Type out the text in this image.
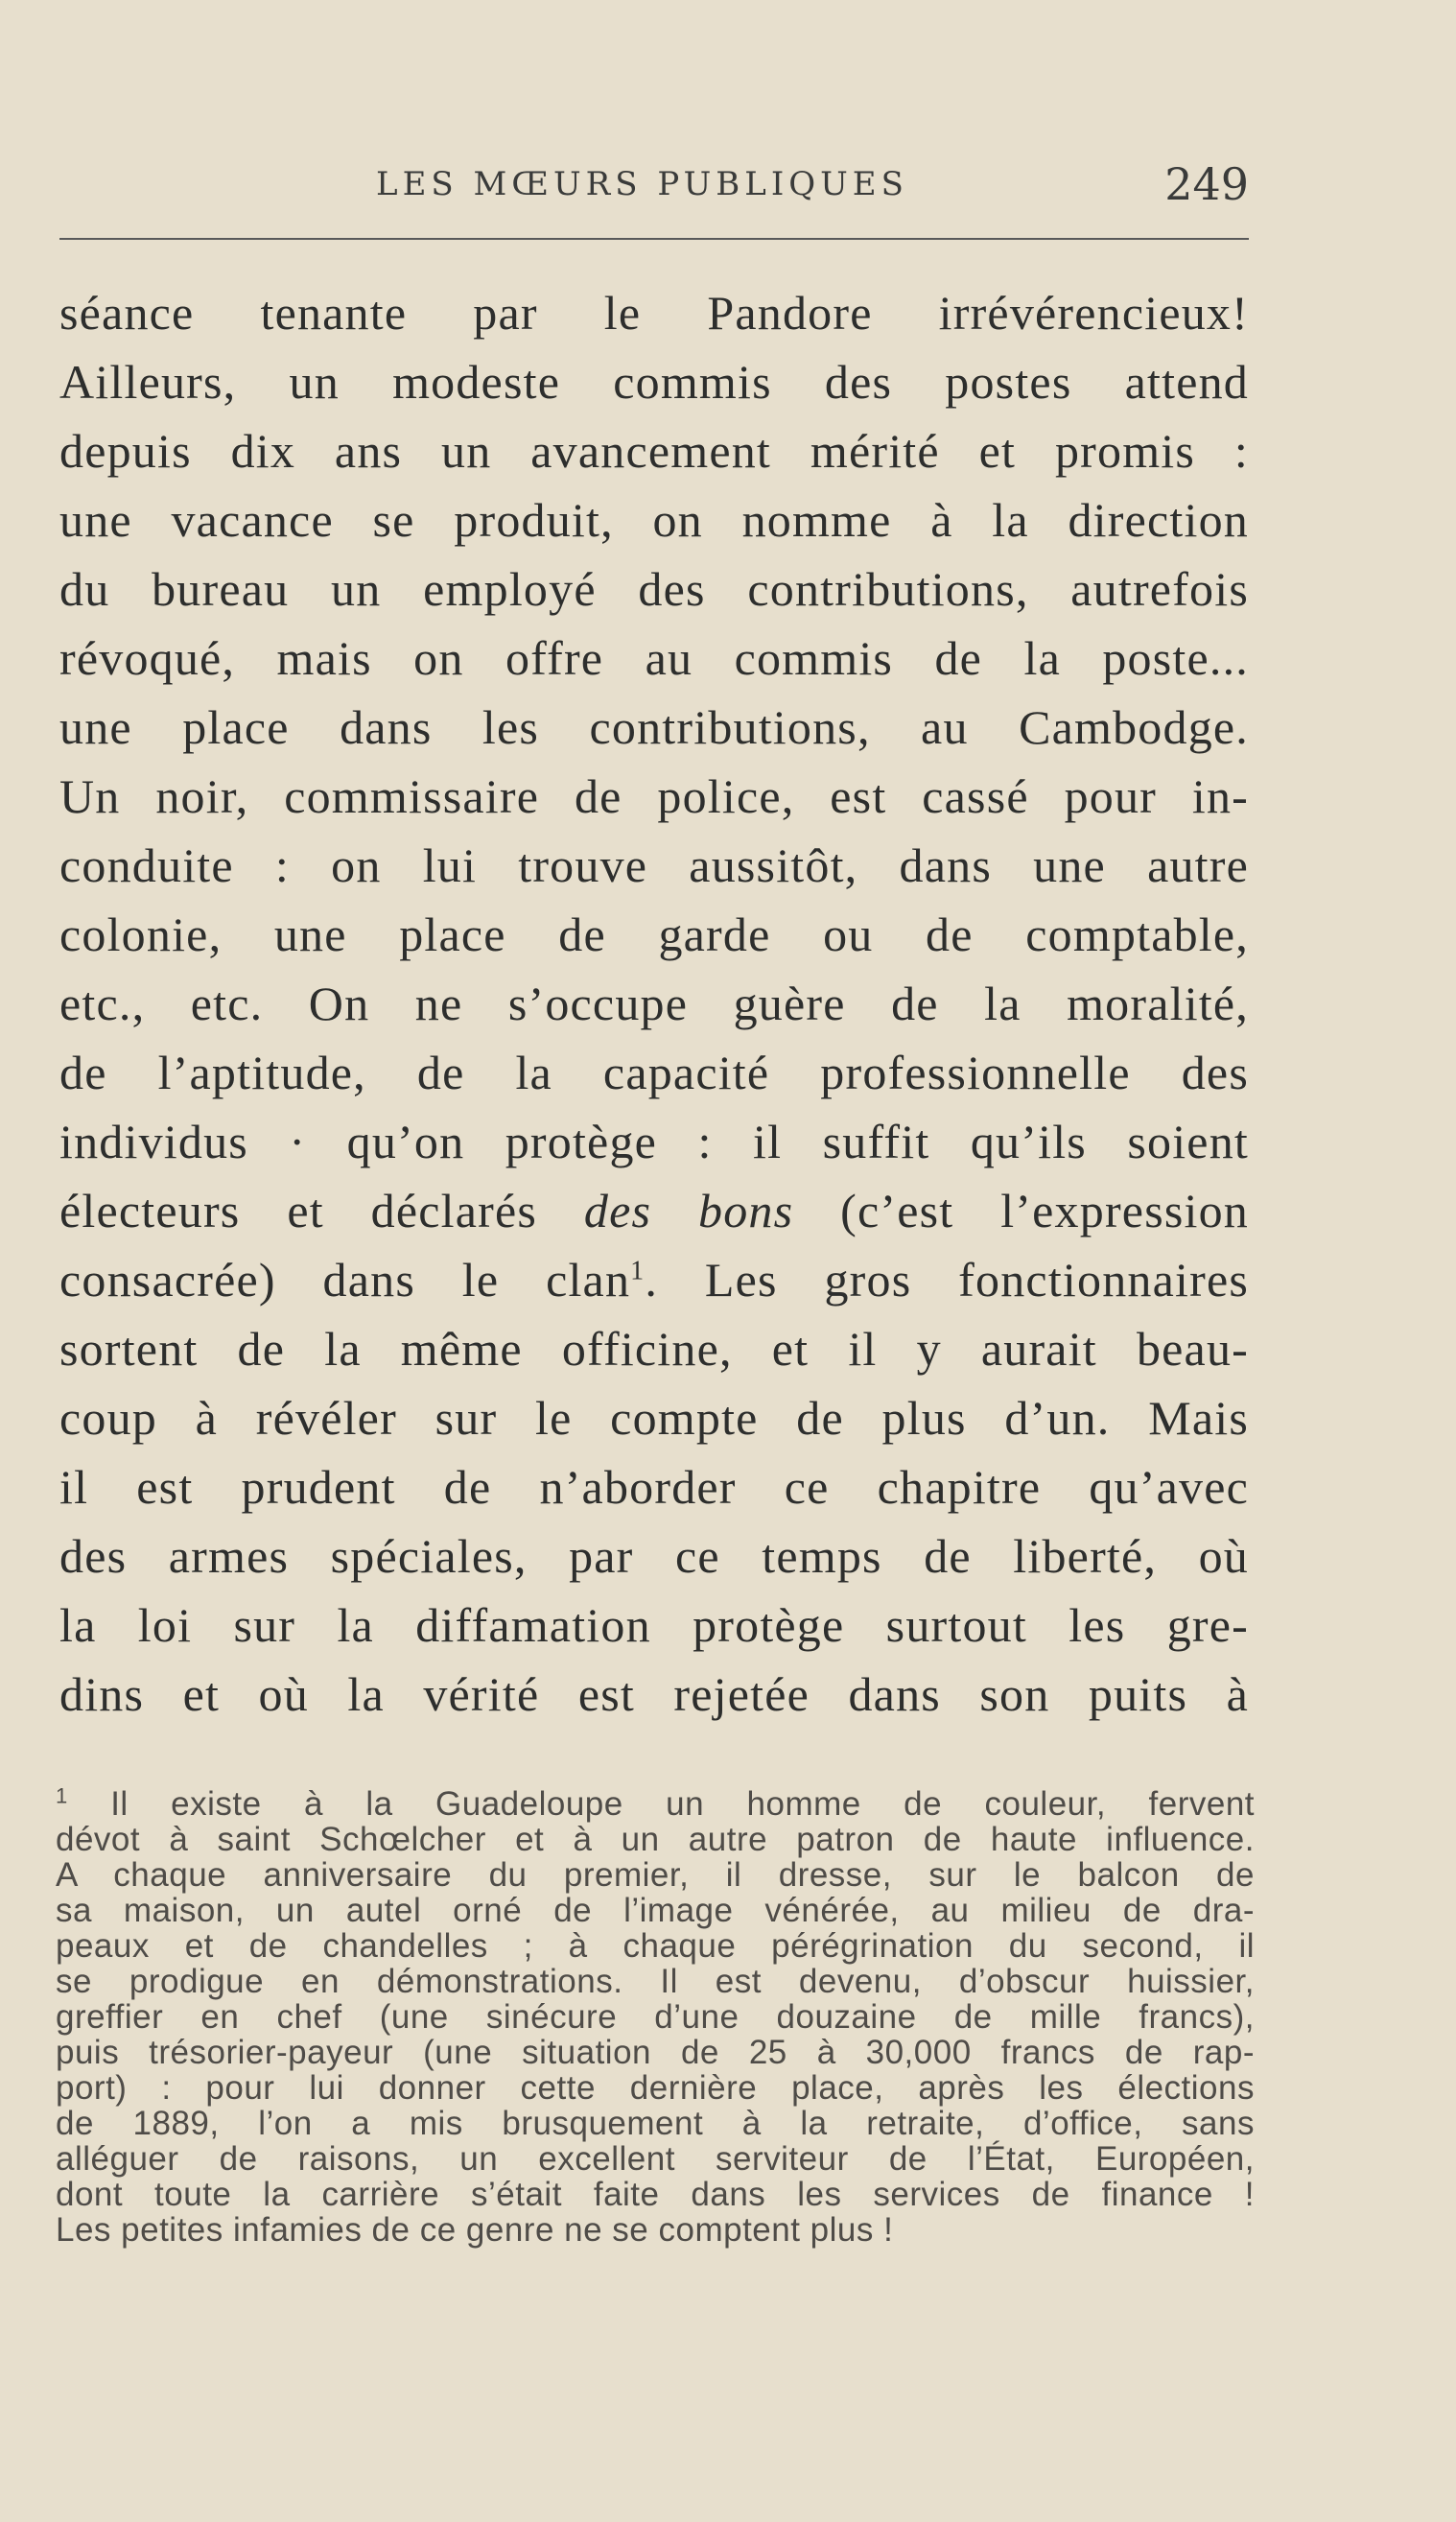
LES MŒURS PUBLIQUES	249
séance tenante par le Pandore irrévérencieux!
Ailleurs, un modeste commis des postes attend
depuis dix ans un avancement mérité et promis :
une vacance se produit, on nomme à la direction
du bureau un employé des contributions, autrefois
révoqué, mais on offre au commis de la poste...
une place dans les contributions, au Cambodge.
Un noir, commissaire de police, est cassé pour in-
conduite : on lui trouve aussitôt, dans une autre
colonie, une place de garde ou de comptable,
etc., etc. On ne s’occupe guère de la moralité,
de l’aptitude, de la capacité professionnelle des
individus · qu’on protège : il suffit qu’ils soient
électeurs et déclarés des bons (c’est l’expression
consacrée) dans le clan$^1$. Les gros fonctionnaires
sortent de la même officine, et il y aurait beau-
coup à révéler sur le compte de plus d’un. Mais
il est prudent de n’aborder ce chapitre qu’avec
des armes spéciales, par ce temps de liberté, où
la loi sur la diffamation protège surtout les gre-
dins et où la vérité est rejetée dans son puits à
$^1$ Il existe à la Guadeloupe un homme de couleur, fervent
dévot à saint Schœlcher et à un autre patron de haute influence.
A chaque anniversaire du premier, il dresse, sur le balcon de
sa maison, un autel orné de l’image vénérée, au milieu de dra-
peaux et de chandelles ; à chaque pérégrination du second, il
se prodigue en démonstrations. Il est devenu, d’obscur huissier,
greffier en chef (une sinécure d’une douzaine de mille francs),
puis trésorier-payeur (une situation de 25 à 30,000 francs de rap-
port) : pour lui donner cette dernière place, après les élections
de 1889, l’on a mis brusquement à la retraite, d’office, sans
alléguer de raisons, un excellent serviteur de l’État, Européen,
dont toute la carrière s’était faite dans les services de finance !
Les petites infamies de ce genre ne se comptent plus !
